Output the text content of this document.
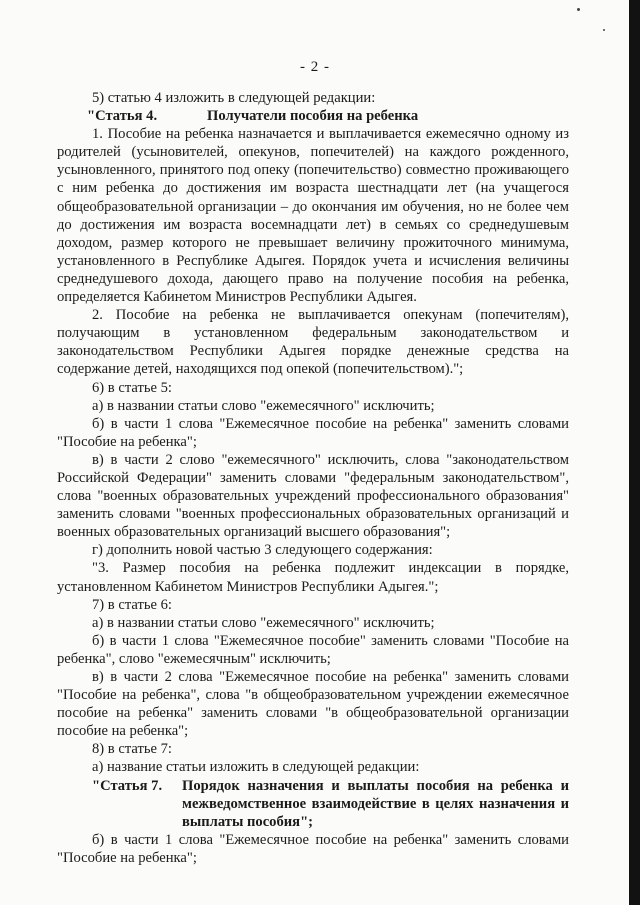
- 2 -

5) статью 4 изложить в следующей редакции:

"Статья 4.	Получатели пособия на ребенка

1. Пособие на ребенка назначается и выплачивается ежемесячно одному из родителей (усыновителей, опекунов, попечителей) на каждого рожденного, усыновленного, принятого под опеку (попечительство) совместно проживающего с ним ребенка до достижения им возраста шестнадцати лет (на учащегося общеобразовательной организации – до окончания им обучения, но не более чем до достижения им возраста восемнадцати лет) в семьях со среднедушевым доходом, размер которого не превышает величину прожиточного минимума, установленного в Республике Адыгея. Порядок учета и исчисления величины среднедушевого дохода, дающего право на получение пособия на ребенка, определяется Кабинетом Министров Республики Адыгея.

2. Пособие на ребенка не выплачивается опекунам (попечителям), получающим в установленном федеральным законодательством и законодательством Республики Адыгея порядке денежные средства на содержание детей, находящихся под опекой (попечительством).";

6) в статье 5:

а) в названии статьи слово "ежемесячного" исключить;

б) в части 1 слова "Ежемесячное пособие на ребенка" заменить словами "Пособие на ребенка";

в) в части 2 слово "ежемесячного" исключить, слова "законодательством Российской Федерации" заменить словами "федеральным законодательством", слова "военных образовательных учреждений профессионального образования" заменить словами "военных профессиональных образовательных организаций и военных образовательных организаций высшего образования";

г) дополнить новой частью 3 следующего содержания:

"3. Размер пособия на ребенка подлежит индексации в порядке, установленном Кабинетом Министров Республики Адыгея.";

7) в статье 6:

а) в названии статьи слово "ежемесячного" исключить;

б) в части 1 слова "Ежемесячное пособие" заменить словами "Пособие на ребенка", слово "ежемесячным" исключить;

в) в части 2 слова "Ежемесячное пособие на ребенка" заменить словами "Пособие на ребенка", слова "в общеобразовательном учреждении ежемесячное пособие на ребенка" заменить словами "в общеобразовательной организации пособие на ребенка";

8) в статье 7:

а) название статьи изложить в следующей редакции:

"Статья 7.	Порядок назначения и выплаты пособия на ребенка и межведомственное взаимодействие в целях назначения и выплаты пособия";

б) в части 1 слова "Ежемесячное пособие на ребенка" заменить словами "Пособие на ребенка";
